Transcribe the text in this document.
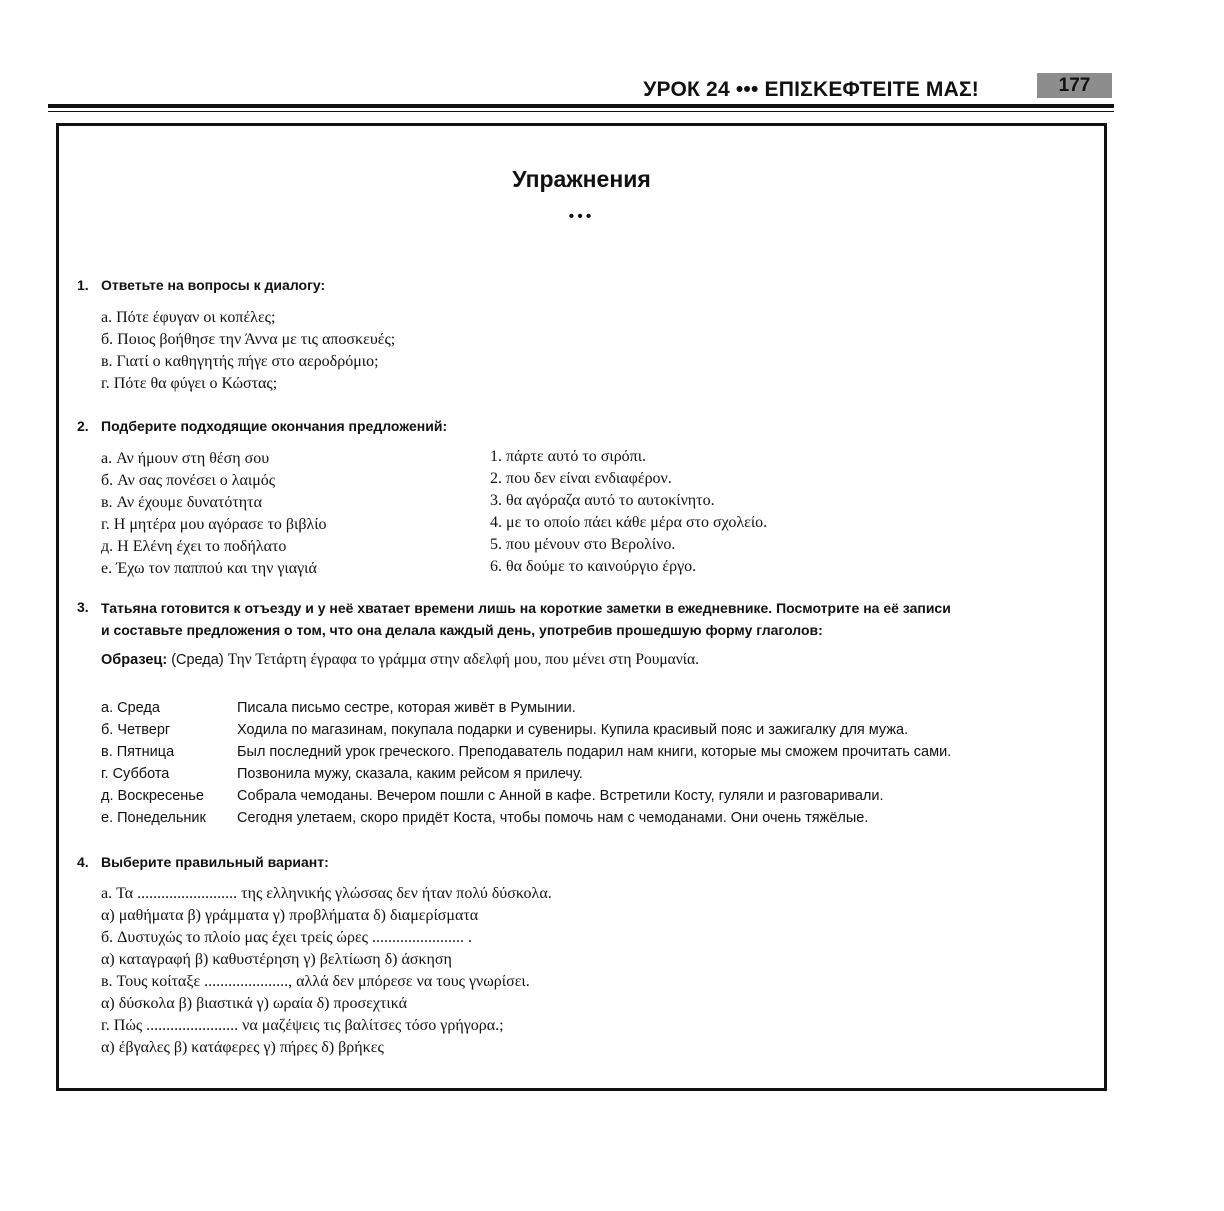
УРОК 24 ••• ΕΠΙΣΚΕΦΤΕΙΤΕ ΜΑΣ!	177
Упражнения
•••
1. Ответьте на вопросы к диалогу:
а. Πότε έφυγαν οι κοπέλες;
б. Ποιος βοήθησε την Άννα με τις αποσκευές;
в. Γιατί ο καθηγητής πήγε στο αεροδρόμιο;
г. Πότε θα φύγει ο Κώστας;
2. Подберите подходящие окончания предложений:
а. Αν ήμουν στη θέση σου
б. Αν σας πονέσει ο λαιμός
в. Αν έχουμε δυνατότητα
г. Η μητέρα μου αγόρασε το βιβλίο
д. Η Ελένη έχει το ποδήλατο
е. Έχω τον παππού και την γιαγιά
1. πάρτε αυτό το σιρόπι.
2. που δεν είναι ενδιαφέρον.
3. θα αγόραζα αυτό το αυτοκίνητο.
4. με το οποίο πάει κάθε μέρα στο σχολείο.
5. που μένουν στο Βερολίνο.
6. θα δούμε το καινούργιο έργο.
3. Татьяна готовится к отъезду и у неё хватает времени лишь на короткие заметки в ежедневнике. Посмотрите на её записи
и составьте предложения о том, что она делала каждый день, употребив прошедшую форму глаголов:
Образец: (Среда) Την Τετάρτη έγραφα το γράμμα στην αδελφή μου, που μένει στη Ρουμανία.
а. Среда	Писала письмо сестре, которая живёт в Румынии.
б. Четверг	Ходила по магазинам, покупала подарки и сувениры. Купила красивый пояс и зажигалку для мужа.
в. Пятница	Был последний урок греческого. Преподаватель подарил нам книги, которые мы сможем прочитать сами.
г. Суббота	Позвонила мужу, сказала, каким рейсом я прилечу.
д. Воскресенье Собрала чемоданы. Вечером пошли с Анной в кафе. Встретили Косту, гуляли и разговаривали.
е. Понедельник Сегодня улетаем, скоро придёт Коста, чтобы помочь нам с чемоданами. Они очень тяжёлые.
4. Выберите правильный вариант:
а. Τα ......................... της ελληνικής γλώσσας δεν ήταν πολύ δύσκολα.
α) μαθήματα β) γράμματα γ) προβλήματα δ) διαμερίσματα
б. Δυστυχώς το πλοίο μας έχει τρείς ώρες ....................... .
α) καταγραφή β) καθυστέρηση γ) βελτίωση δ) άσκηση
в. Τους κοίταξε ....................., αλλά δεν μπόρεσε να τους γνωρίσει.
α) δύσκολα β) βιαστικά γ) ωραία δ) προσεχτικά
г. Πώς ....................... να μαζέψεις τις βαλίτσες τόσο γρήγορα.;
α) έβγαλες β) κατάφερες γ) πήρες δ) βρήκες
